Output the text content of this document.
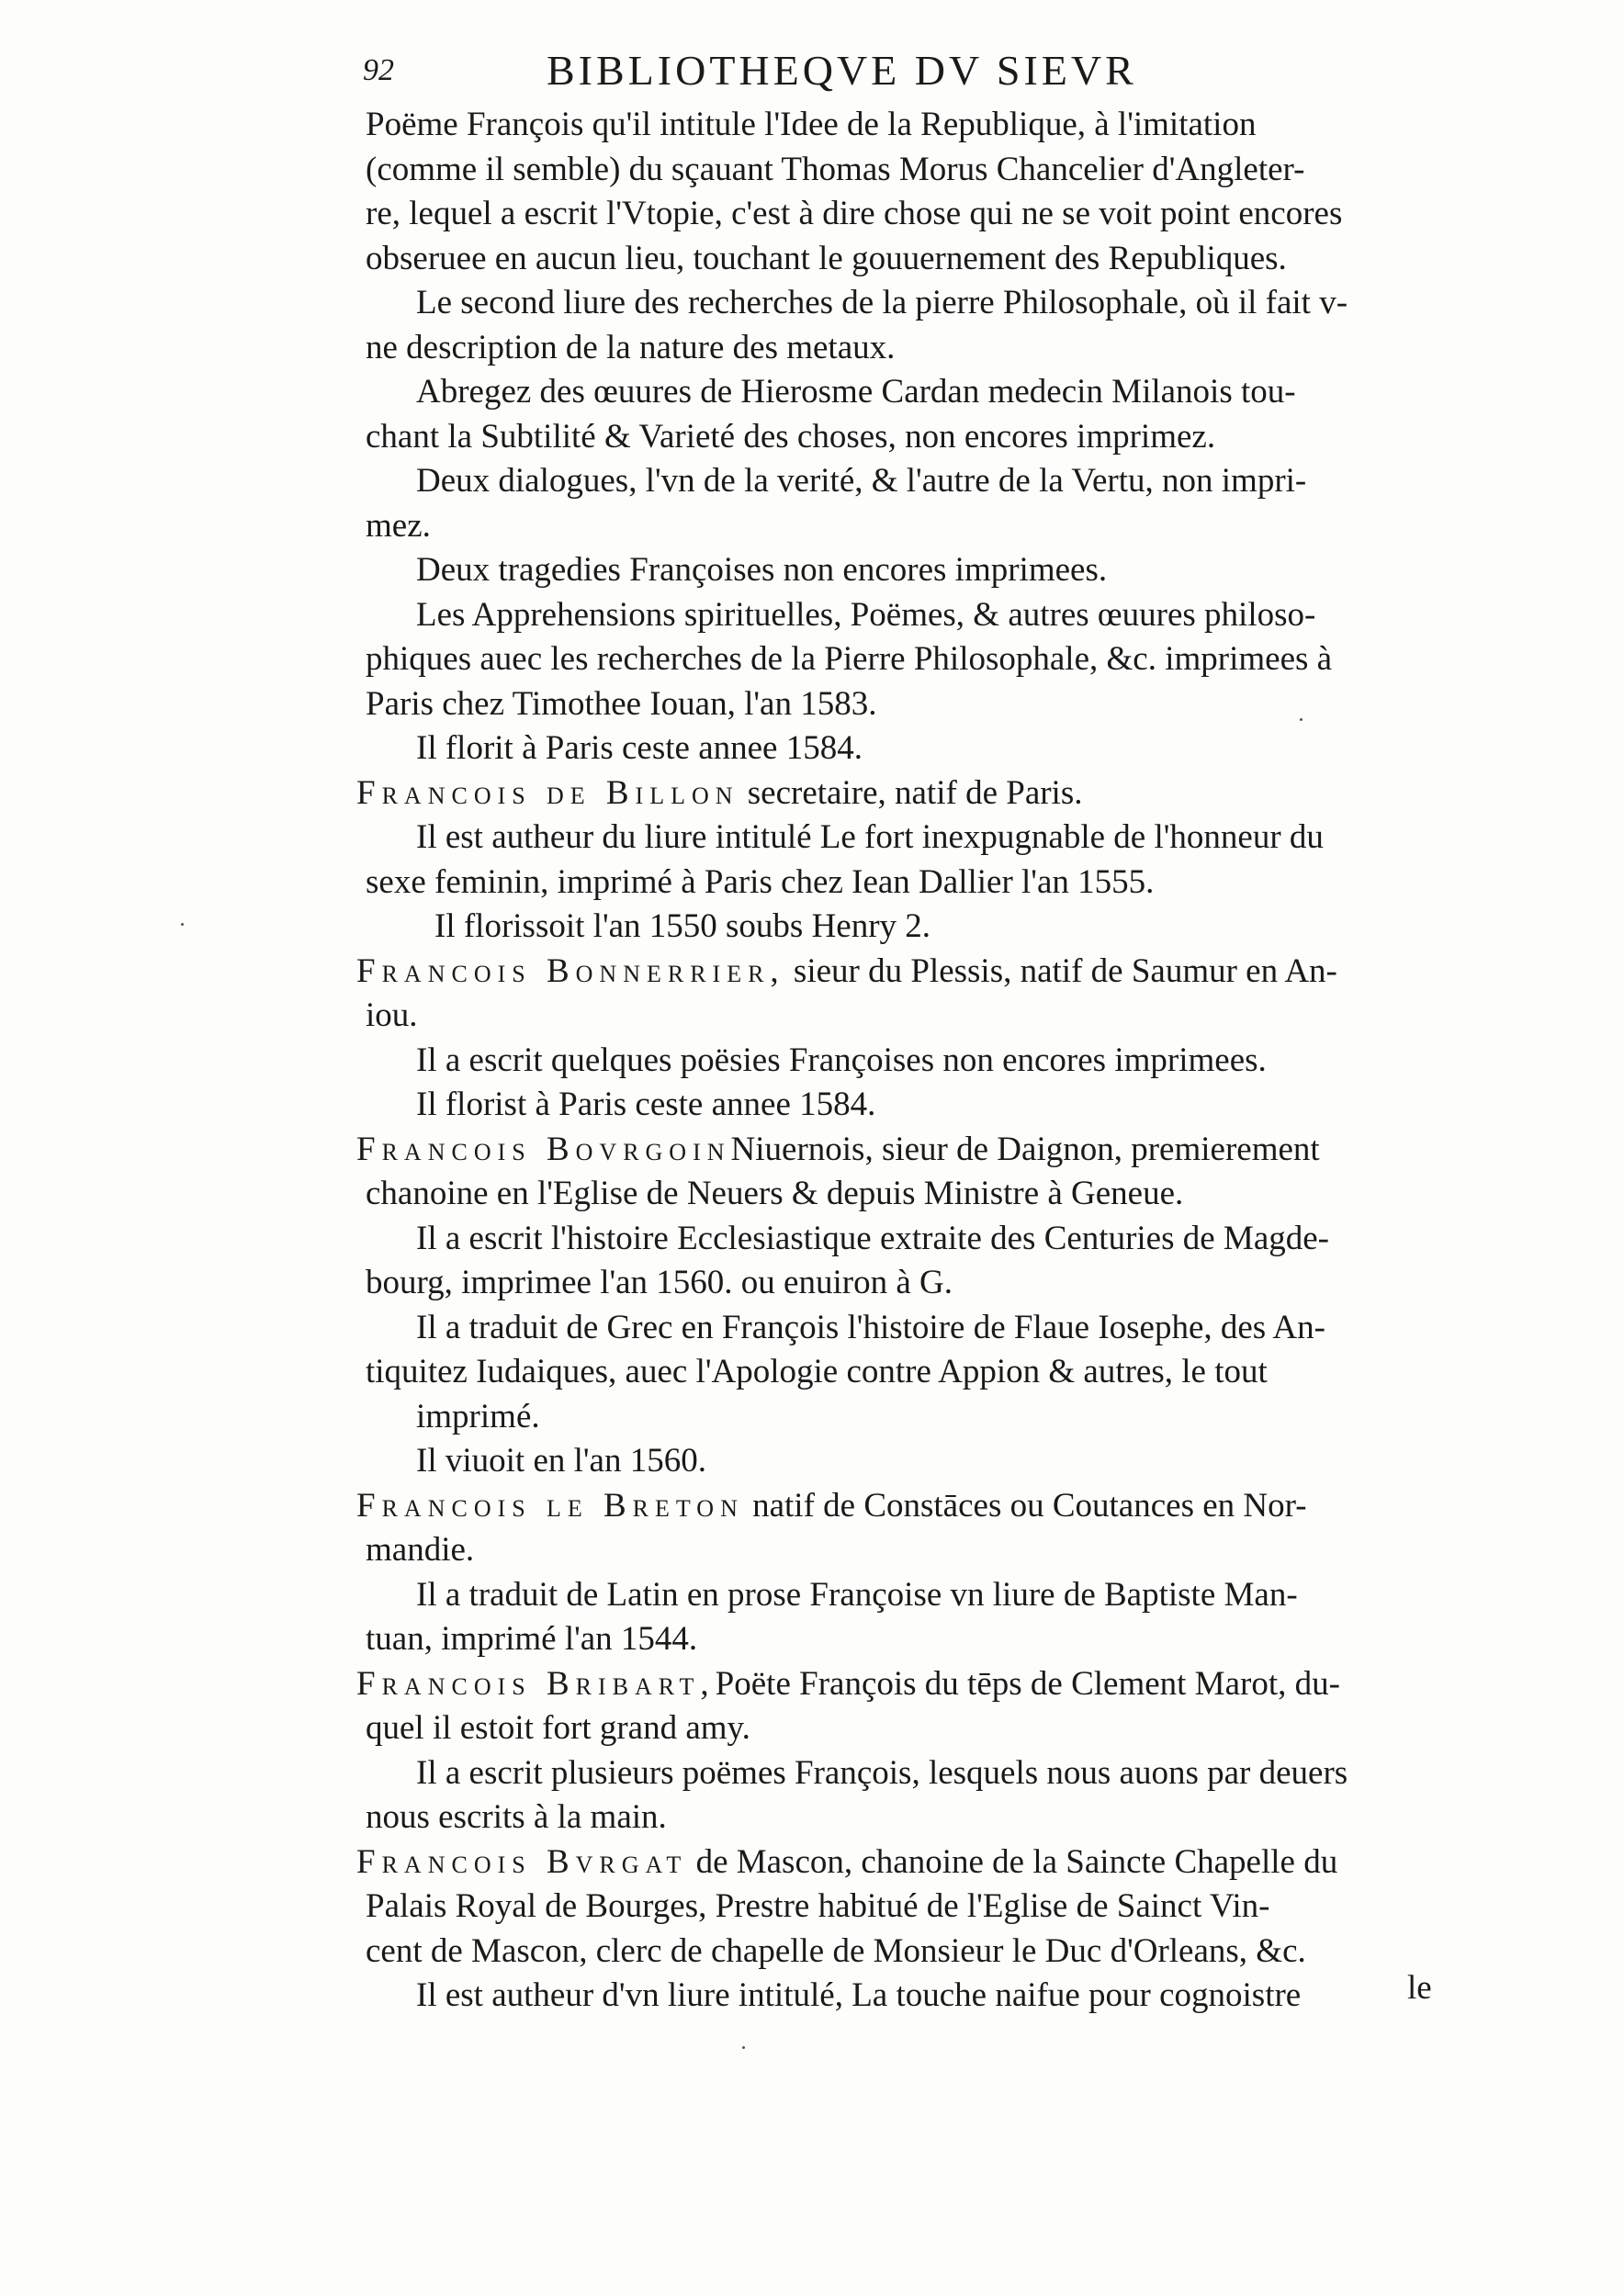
92	BIBLIOTHEQVE DV SIEVR
Poëme François qu'il intitule l'Idee de la Republique, à l'imitation
(comme il semble) du sçauant Thomas Morus Chancelier d'Angleter-
re, lequel a escrit l'Vtopie, c'est à dire chose qui ne se voit point encores
obseruee en aucun lieu, touchant le gouuernement des Republiques.
Le second liure des recherches de la pierre Philosophale, où il fait v-
ne description de la nature des metaux.
Abregez des œuures de Hierosme Cardan medecin Milanois tou-
chant la Subtilité & Varieté des choses, non encores imprimez.
Deux dialogues, l'vn de la verité, & l'autre de la Vertu, non impri-
mez.
Deux tragedies Françoises non encores imprimees.
Les Apprehensions spirituelles, Poëmes, & autres œuures philoso-
phiques auec les recherches de la Pierre Philosophale, &c. imprimees à
Paris chez Timothee Iouan, l'an 1583.
Il florit à Paris ceste annee 1584.
Francois de Billon secretaire, natif de Paris.
Il est autheur du liure intitulé Le fort inexpugnable de l'honneur du
sexe feminin, imprimé à Paris chez Iean Dallier l'an 1555.
Il florissoit l'an 1550 soubs Henry 2.
Francois Bonnerrier, sieur du Plessis, natif de Saumur en An-
iou.
Il a escrit quelques poësies Françoises non encores imprimees.
Il florist à Paris ceste annee 1584.
Francois BovrgoinNiuernois, sieur de Daignon, premierement
chanoine en l'Eglise de Neuers & depuis Ministre à Geneue.
Il a escrit l'histoire Ecclesiastique extraite des Centuries de Magde-
bourg, imprimee l'an 1560. ou enuiron à G.
Il a traduit de Grec en François l'histoire de Flaue Iosephe, des An-
tiquitez Iudaiques, auec l'Apologie contre Appion & autres, le tout
imprimé.
Il viuoit en l'an 1560.
Francois le Breton natif de Constāces ou Coutances en Nor-
mandie.
Il a traduit de Latin en prose Françoise vn liure de Baptiste Man-
tuan, imprimé l'an 1544.
Francois Bribart,Poëte François du tēps de Clement Marot, du-
quel il estoit fort grand amy.
Il a escrit plusieurs poëmes François, lesquels nous auons par deuers
nous escrits à la main.
Francois Bvrgat de Mascon, chanoine de la Saincte Chapelle du
Palais Royal de Bourges, Prestre habitué de l'Eglise de Sainct Vin-
cent de Mascon, clerc de chapelle de Monsieur le Duc d'Orleans, &c.
Il est autheur d'vn liure intitulé, La touche naifue pour cognoistre	le
